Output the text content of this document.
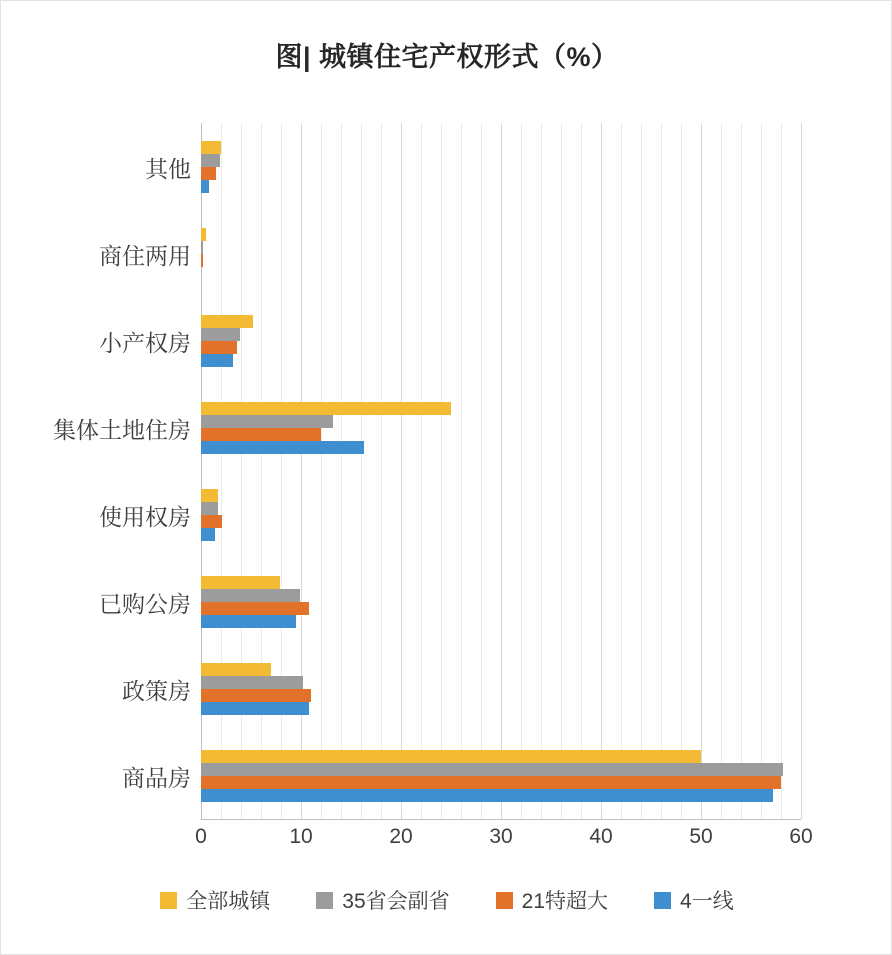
图| 城镇住宅产权形式（%）
0	10	20	30	40	50	60
商品房
政策房
已购公房
使用权房
集体土地住房
小产权房
商住两用
其他
全部城镇	35省会副省	21特超大	4一线
